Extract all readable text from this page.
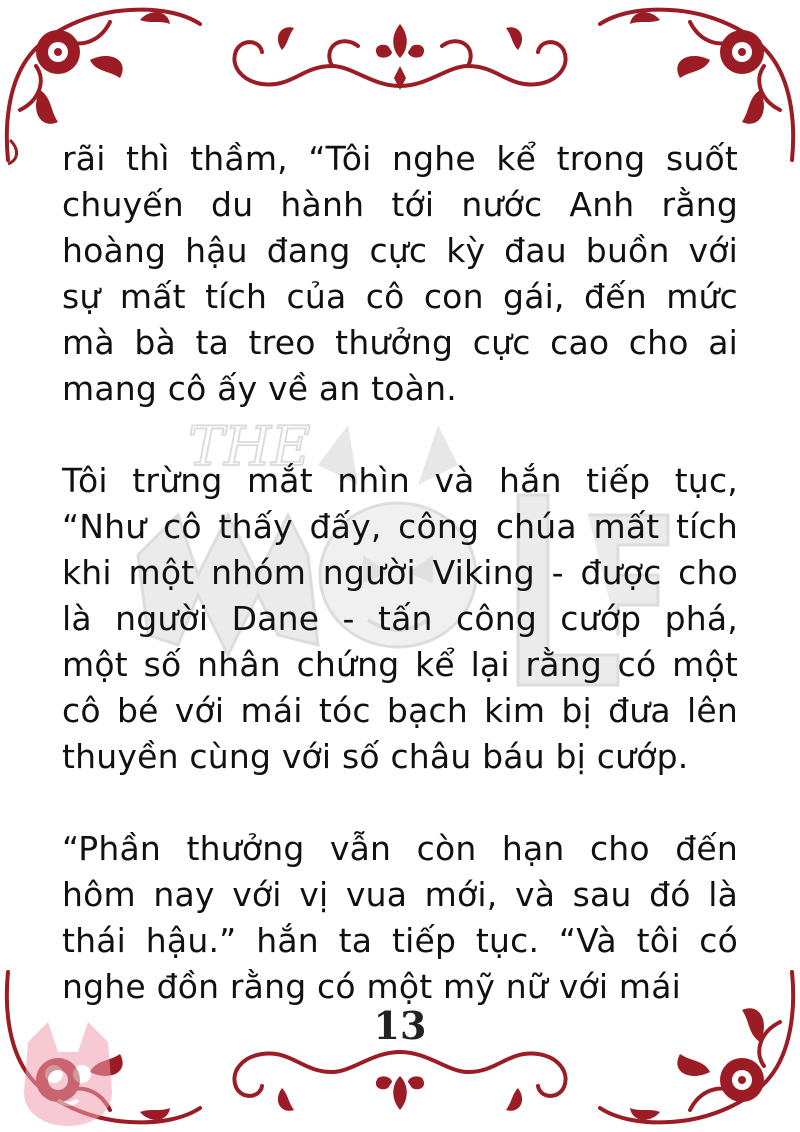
THE
rãi thì thầm, “Tôi nghe kể trong suốt
chuyến du hành tới nước Anh rằng
hoàng hậu đang cực kỳ đau buồn với
sự mất tích của cô con gái, đến mức
mà bà ta treo thưởng cực cao cho ai
mang cô ấy về an toàn.
Tôi trừng mắt nhìn và hắn tiếp tục,
“Như cô thấy đấy, công chúa mất tích
khi một nhóm người Viking - được cho
là người Dane - tấn công cướp phá,
một số nhân chứng kể lại rằng có một
cô bé với mái tóc bạch kim bị đưa lên
thuyền cùng với số châu báu bị cướp.
“Phần thưởng vẫn còn hạn cho đến
hôm nay với vị vua mới, và sau đó là
thái hậu.” hắn ta tiếp tục. “Và tôi có
nghe đồn rằng có một mỹ nữ với mái
13
